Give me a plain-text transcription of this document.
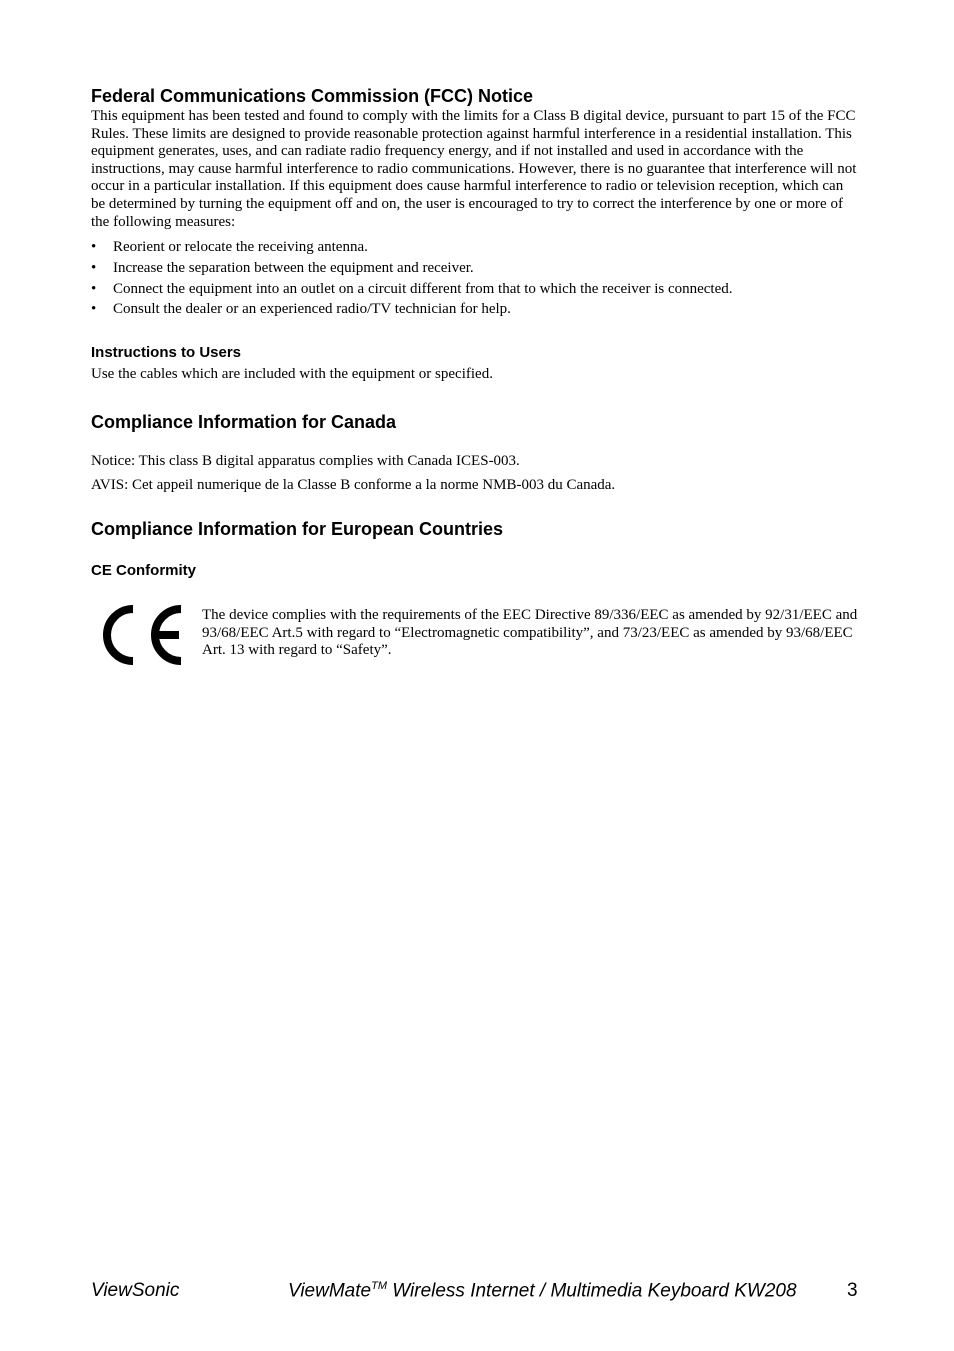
Federal Communications Commission (FCC) Notice

This equipment has been tested and found to comply with the limits for a Class B digital device, pursuant to part 15 of the FCC Rules. These limits are designed to provide reasonable protection against harmful interference in a residential installation. This equipment generates, uses, and can radiate radio frequency energy, and if not installed and used in accordance with the instructions, may cause harmful interference to radio communications. However, there is no guarantee that interference will not occur in a particular installation. If this equipment does cause harmful interference to radio or television reception, which can be determined by turning the equipment off and on, the user is encouraged to try to correct the interference by one or more of the following measures:

• Reorient or relocate the receiving antenna.
• Increase the separation between the equipment and receiver.
• Connect the equipment into an outlet on a circuit different from that to which the receiver is connected.
• Consult the dealer or an experienced radio/TV technician for help.
Instructions to Users

Use the cables which are included with the equipment or specified.

Compliance Information for Canada

Notice: This class B digital apparatus complies with Canada ICES-003.

AVIS: Cet appeil numerique de la Classe B conforme a la norme NMB-003 du Canada.

Compliance Information for European Countries
CE Conformity

The device complies with the requirements of the EEC Directive 89/336/EEC as amended by 92/31/EEC and 93/68/EEC Art.5 with regard to “Electromagnetic compatibility”, and 73/23/EEC as amended by 93/68/EEC Art. 13 with regard to “Safety”.

ViewSonic	ViewMate™ Wireless Internet / Multimedia Keyboard KW208	3
